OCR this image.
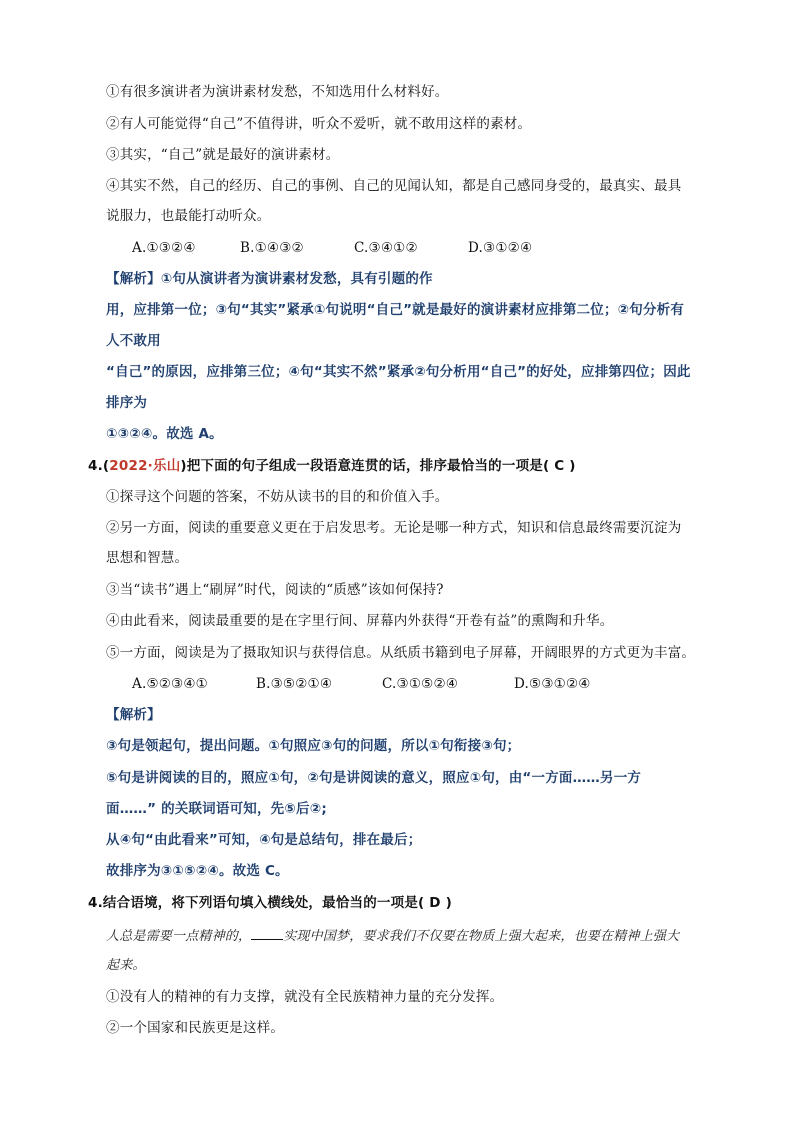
①有很多演讲者为演讲素材发愁，不知选用什么材料好。
②有人可能觉得“自己”不值得讲，听众不爱听，就不敢用这样的素材。
③其实，“自己”就是最好的演讲素材。
④其实不然，自己的经历、自己的事例、自己的见闻认知，都是自己感同身受的，最真实、最具
说服力，也最能打动听众。
A.①③②④	B.①④③②	C.③④①②	D.③①②④
【解析】①句从演讲者为演讲素材发愁，具有引题的作
用，应排第一位；③句“其实”紧承①句说明“自己”就是最好的演讲素材应排第二位；②句分析有
人不敢用
“自己”的原因，应排第三位；④句“其实不然”紧承②句分析用“自己”的好处，应排第四位；因此
排序为
①③②④。故选 A。
4.(2022·乐山)把下面的句子组成一段语意连贯的话，排序最恰当的一项是( C )
①探寻这个问题的答案，不妨从读书的目的和价值入手。
②另一方面，阅读的重要意义更在于启发思考。无论是哪一种方式，知识和信息最终需要沉淀为
思想和智慧。
③当“读书”遇上“刷屏”时代，阅读的“质感”该如何保持?
④由此看来，阅读最重要的是在字里行间、屏幕内外获得“开卷有益”的熏陶和升华。
⑤一方面，阅读是为了摄取知识与获得信息。从纸质书籍到电子屏幕，开阔眼界的方式更为丰富。
A.⑤②③④①	B.③⑤②①④	C.③①⑤②④	D.⑤③①②④
【解析】
③句是领起句，提出问题。①句照应③句的问题，所以①句衔接③句；
⑤句是讲阅读的目的，照应①句，②句是讲阅读的意义，照应①句，由“一方面……另一方
面……” 的关联词语可知，先⑤后②;
从④句“由此看来”可知，④句是总结句，排在最后；
故排序为③①⑤②④。故选 C。
4.结合语境，将下列语句填入横线处，最恰当的一项是( D )
人总是需要一点精神的， 实现中国梦，要求我们不仅要在物质上强大起来，也要在精神上强大
起来。
①没有人的精神的有力支撑，就没有全民族精神力量的充分发挥。
②一个国家和民族更是这样。
